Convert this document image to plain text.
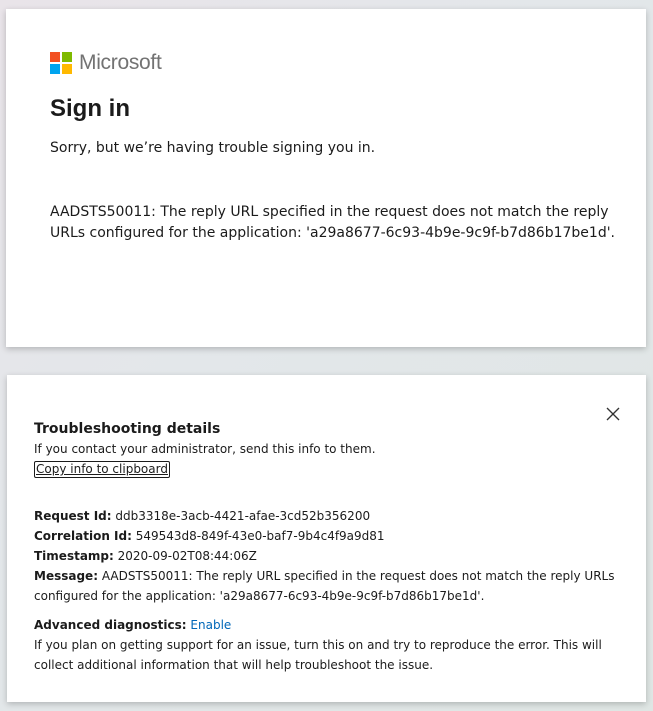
Microsoft
Sign in

Sorry, but we’re having trouble signing you in.

AADSTS50011: The reply URL specified in the request does not match the reply URLs configured for the application: 'a29a8677-6c93-4b9e-9c9f-b7d86b17be1d'.

Troubleshooting details

If you contact your administrator, send this info to them.

Copy info to clipboard

Request Id: ddb3318e-3acb-4421-afae-3cd52b356200

Correlation Id: 549543d8-849f-43e0-baf7-9b4c4f9a9d81

Timestamp: 2020-09-02T08:44:06Z

Message: AADSTS50011: The reply URL specified in the request does not match the reply URLs configured for the application: 'a29a8677-6c93-4b9e-9c9f-b7d86b17be1d'.

Advanced diagnostics: Enable

If you plan on getting support for an issue, turn this on and try to reproduce the error. This will collect additional information that will help troubleshoot the issue.
